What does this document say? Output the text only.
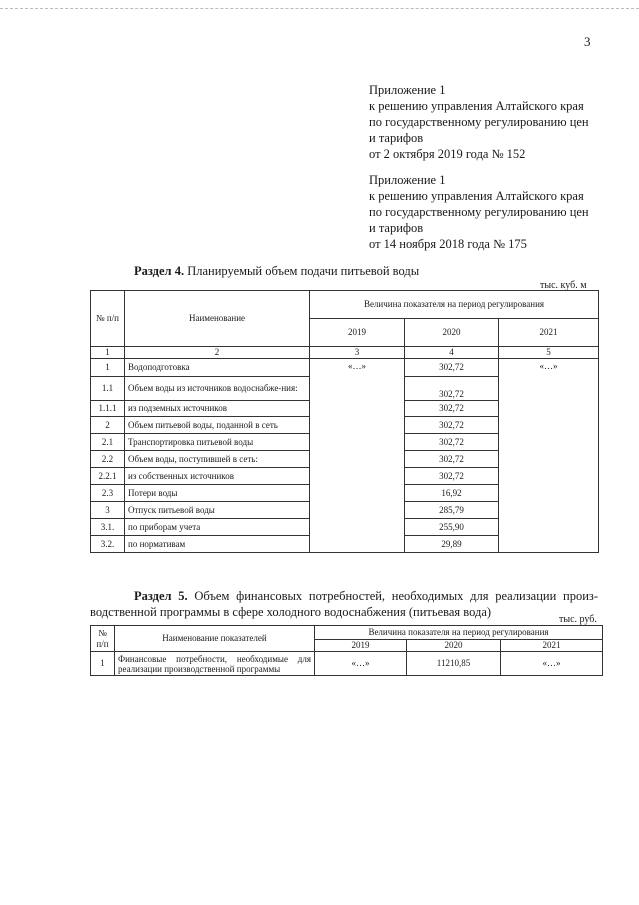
3
Приложение 1
к решению управления Алтайского края
по государственному регулированию цен
и тарифов
от 2 октября 2019 года № 152
Приложение 1
к решению управления Алтайского края
по государственному регулированию цен
и тарифов
от 14 ноября 2018 года № 175
Раздел 4. Планируемый объем подачи питьевой воды
тыс. куб. м
№ п/п	Наименование	Величина показателя на период регулирования		
		2019	2020	2021
1	2	3	4	5
1	Водоподготовка	«…»	302,72	«…»
1.1	Объем воды из источников водоснабже-ния:		302,72	
1.1.1	из подземных источников		302,72	
2	Объем питьевой воды, поданной в сеть		302,72	
2.1	Транспортировка питьевой воды		302,72	
2.2	Объем воды, поступившей в сеть:		302,72	
2.2.1	из собственных источников		302,72	
2.3	Потери воды		16,92	
3	Отпуск питьевой воды		285,79	
3.1.	по приборам учета		255,90	
3.2.	по нормативам		29,89	
Раздел 5. Объем финансовых потребностей, необходимых для реализации произ-водственной программы в сфере холодного водоснабжения (питьевая вода)
тыс. руб.
№ п/п	Наименование показателей	Величина показателя на период регулирования		
		2019	2020	2021
1	Финансовые потребности, необходимые для реализации производственной программы	«…»	11210,85	«…»
